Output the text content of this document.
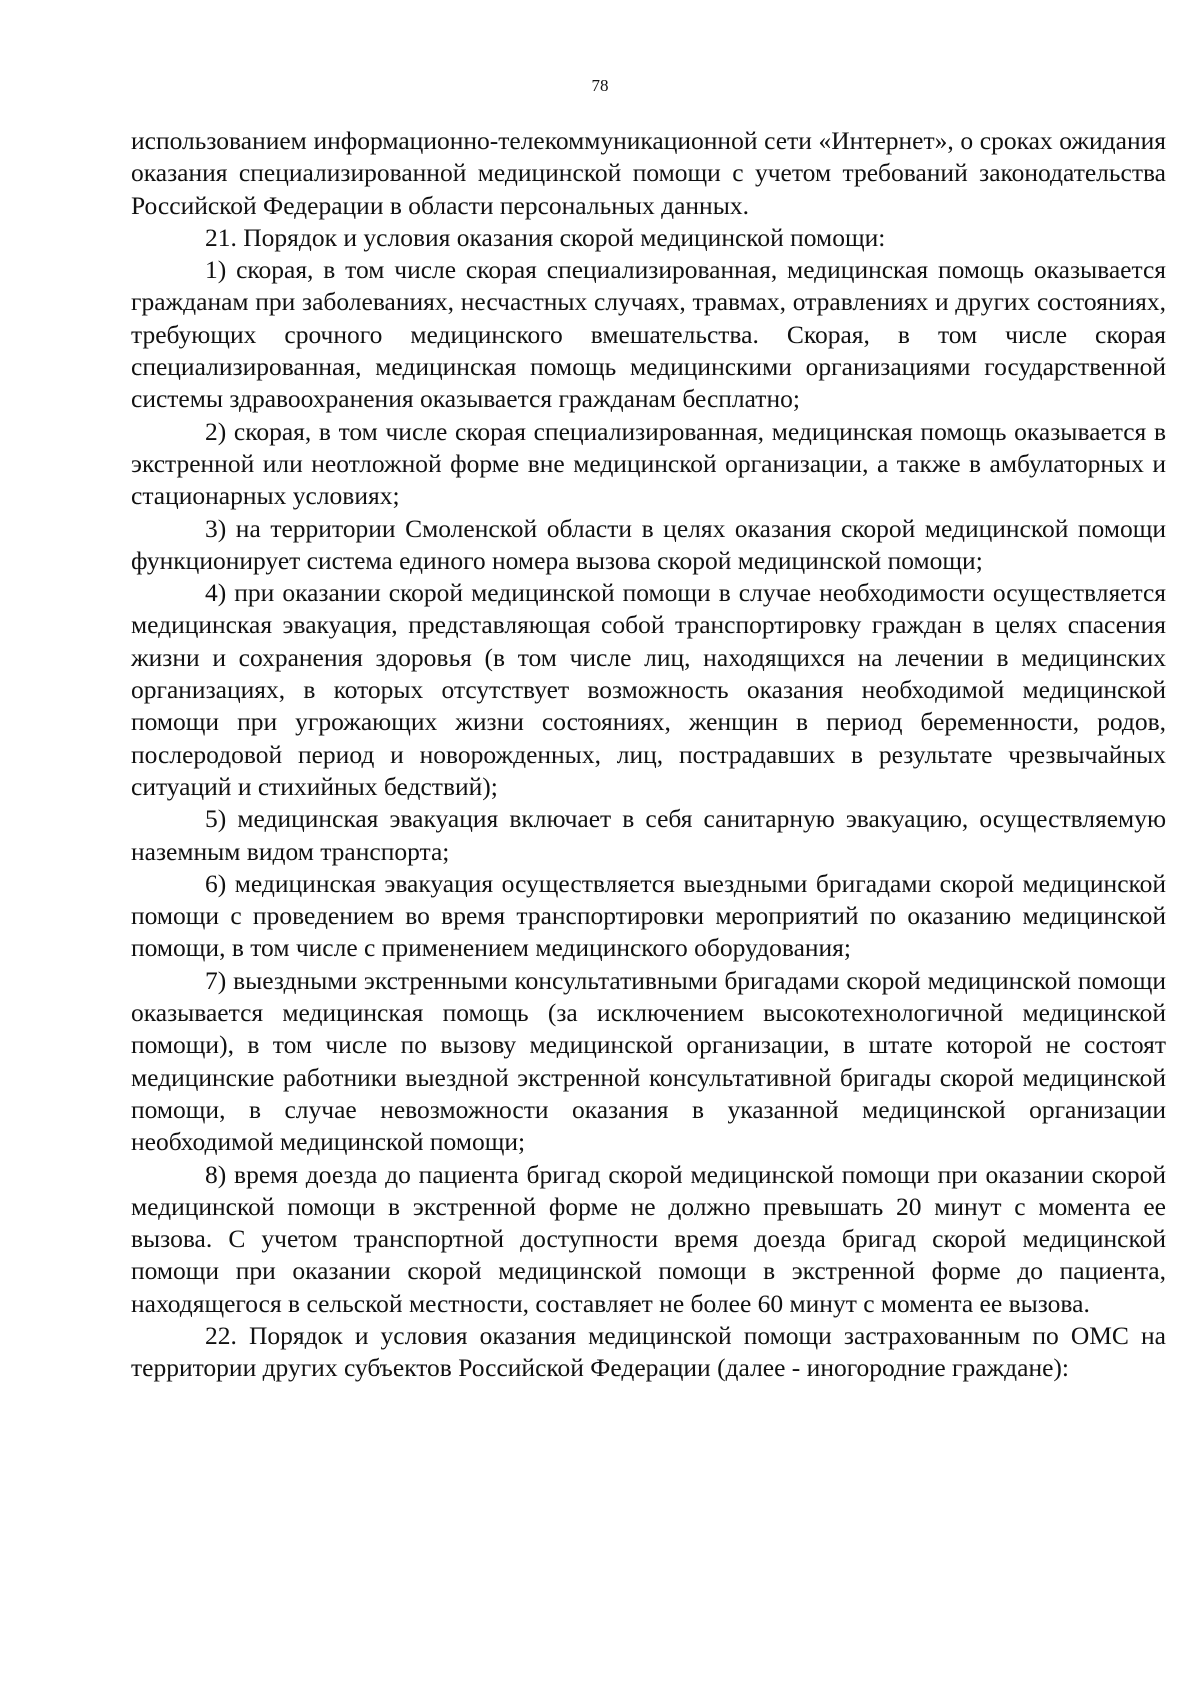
78

использованием информационно-телекоммуникационной сети «Интернет», о сроках ожидания оказания специализированной медицинской помощи с учетом требований законодательства Российской Федерации в области персональных данных.

21. Порядок и условия оказания скорой медицинской помощи:

1) скорая, в том числе скорая специализированная, медицинская помощь оказывается гражданам при заболеваниях, несчастных случаях, травмах, отравлениях и других состояниях, требующих срочного медицинского вмешательства. Скорая, в том числе скорая специализированная, медицинская помощь медицинскими организациями государственной системы здравоохранения оказывается гражданам бесплатно;

2) скорая, в том числе скорая специализированная, медицинская помощь оказывается в экстренной или неотложной форме вне медицинской организации, а также в амбулаторных и стационарных условиях;

3) на территории Смоленской области в целях оказания скорой медицинской помощи функционирует система единого номера вызова скорой медицинской помощи;

4) при оказании скорой медицинской помощи в случае необходимости осуществляется медицинская эвакуация, представляющая собой транспортировку граждан в целях спасения жизни и сохранения здоровья (в том числе лиц, находящихся на лечении в медицинских организациях, в которых отсутствует возможность оказания необходимой медицинской помощи при угрожающих жизни состояниях, женщин в период беременности, родов, послеродовой период и новорожденных, лиц, пострадавших в результате чрезвычайных ситуаций и стихийных бедствий);

5) медицинская эвакуация включает в себя санитарную эвакуацию, осуществляемую наземным видом транспорта;

6) медицинская эвакуация осуществляется выездными бригадами скорой медицинской помощи с проведением во время транспортировки мероприятий по оказанию медицинской помощи, в том числе с применением медицинского оборудования;

7) выездными экстренными консультативными бригадами скорой медицинской помощи оказывается медицинская помощь (за исключением высокотехнологичной медицинской помощи), в том числе по вызову медицинской организации, в штате которой не состоят медицинские работники выездной экстренной консультативной бригады скорой медицинской помощи, в случае невозможности оказания в указанной медицинской организации необходимой медицинской помощи;

8) время доезда до пациента бригад скорой медицинской помощи при оказании скорой медицинской помощи в экстренной форме не должно превышать 20 минут с момента ее вызова. С учетом транспортной доступности время доезда бригад скорой медицинской помощи при оказании скорой медицинской помощи в экстренной форме до пациента, находящегося в сельской местности, составляет не более 60 минут с момента ее вызова.

22. Порядок и условия оказания медицинской помощи застрахованным по ОМС на территории других субъектов Российской Федерации (далее - иногородние граждане):
